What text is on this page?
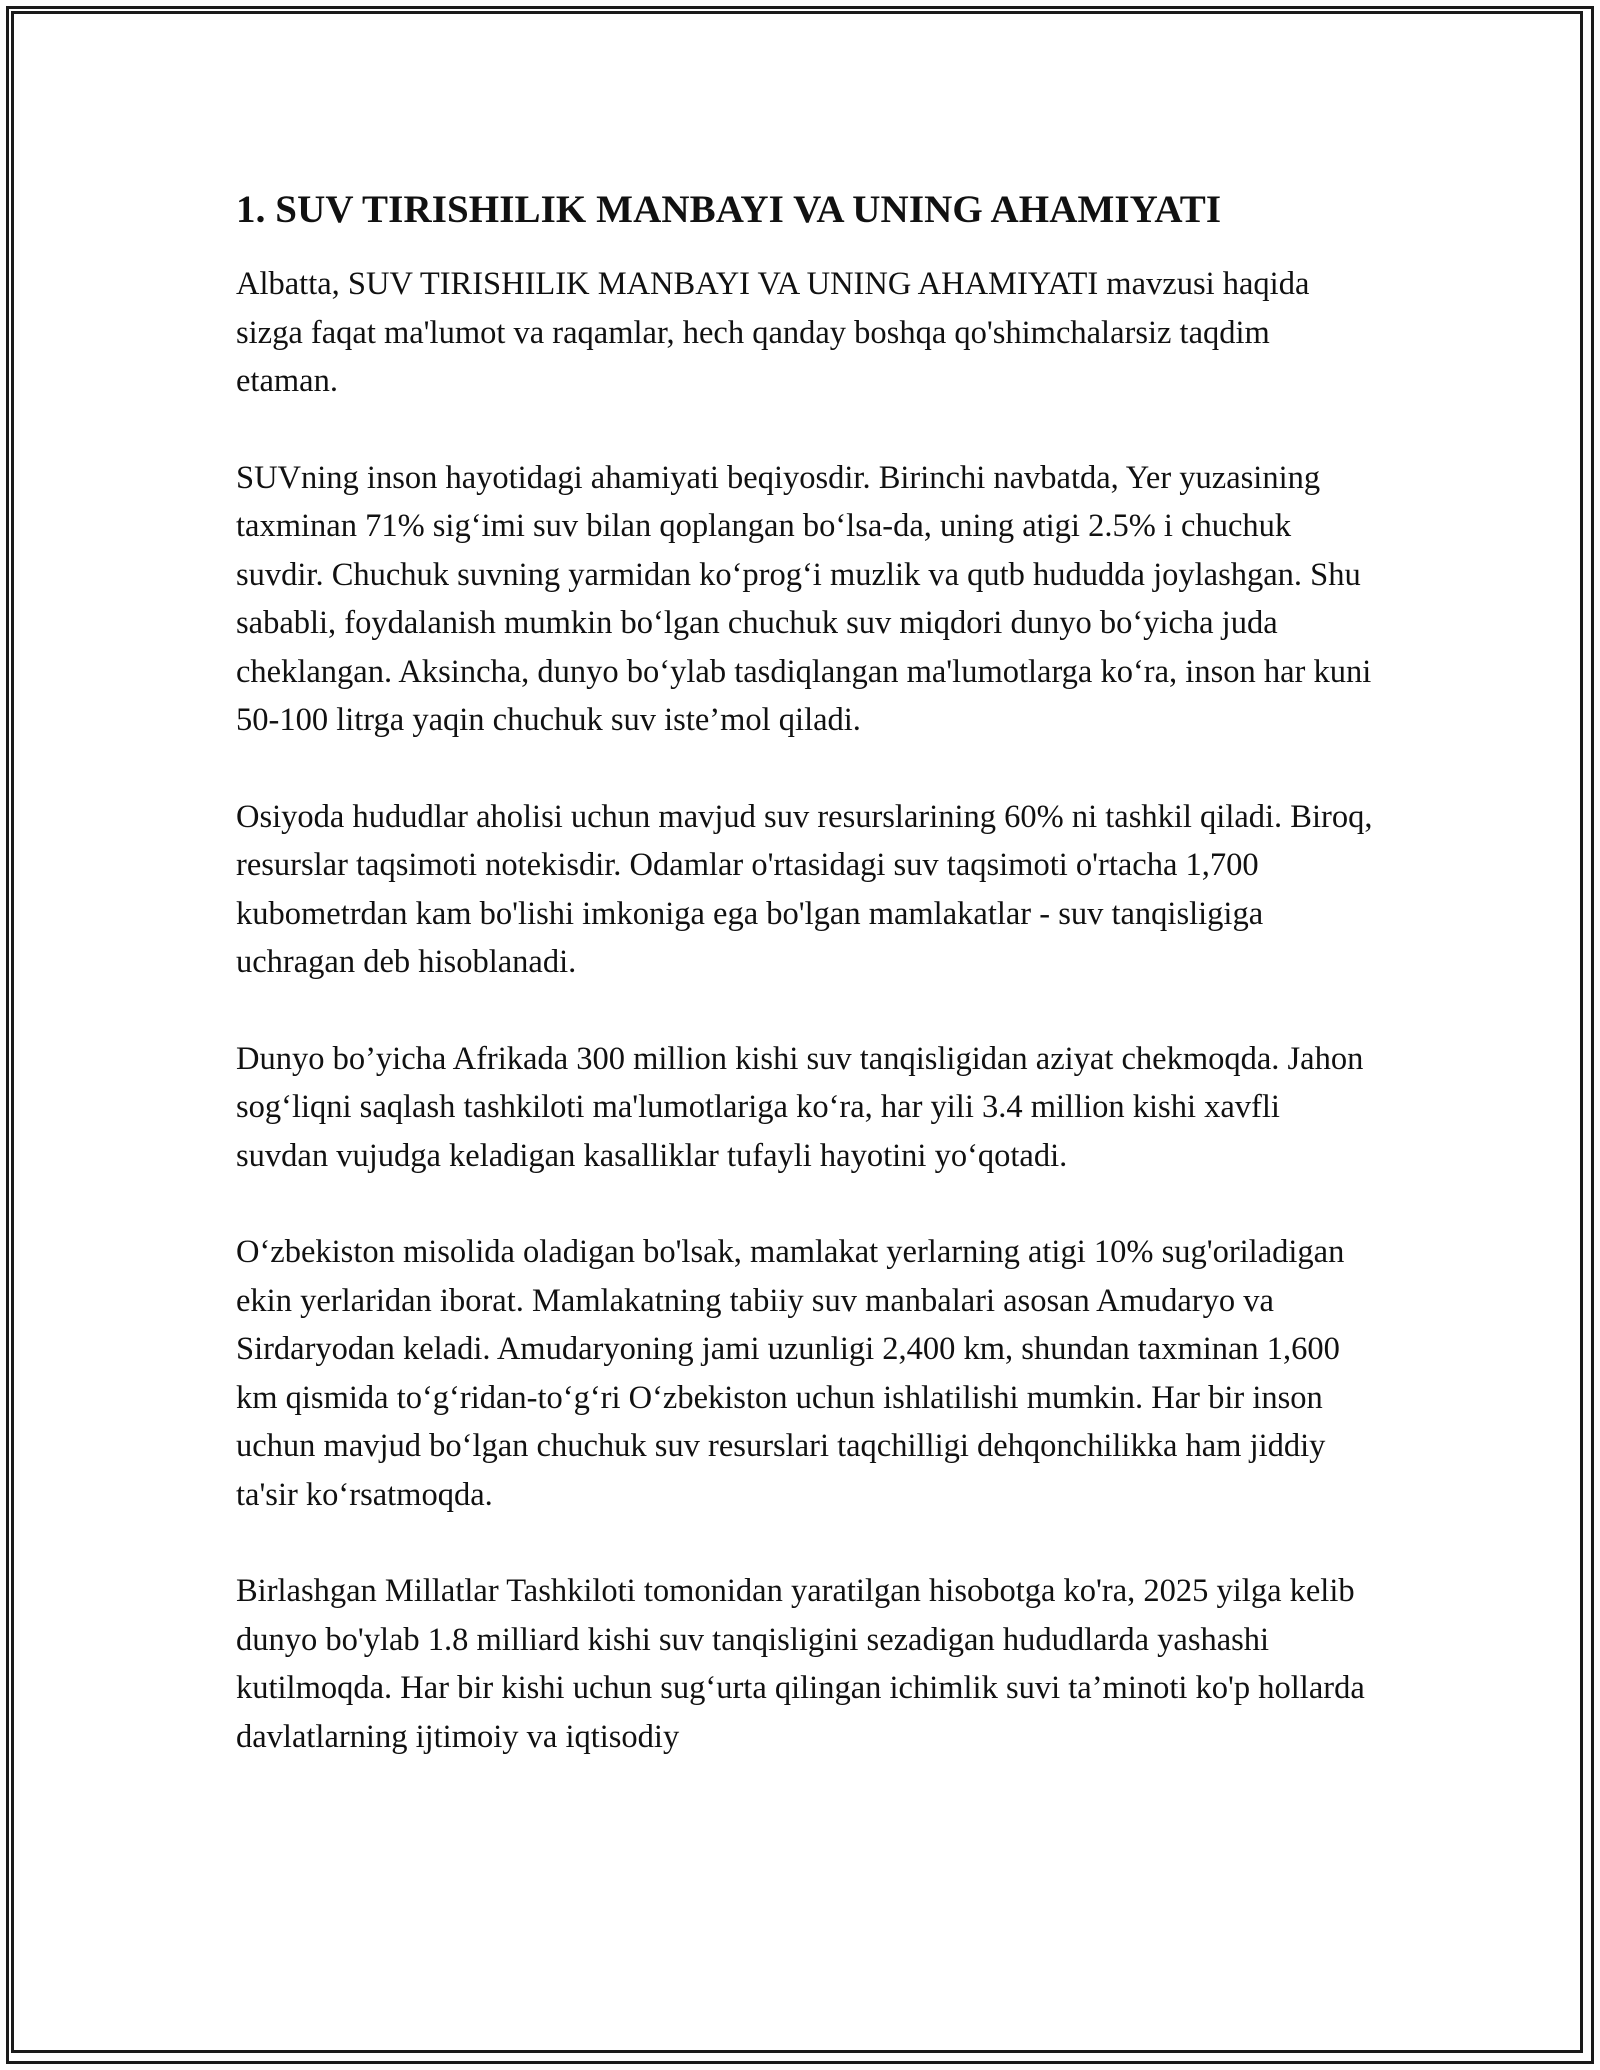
1. SUV TIRISHILIK MANBAYI VA UNING AHAMIYATI

Albatta, SUV TIRISHILIK MANBAYI VA UNING AHAMIYATI mavzusi haqida sizga faqat ma'lumot va raqamlar, hech qanday boshqa qo'shimchalarsiz taqdim etaman.

SUVning inson hayotidagi ahamiyati beqiyosdir. Birinchi navbatda, Yer yuzasining taxminan 71% sig‘imi suv bilan qoplangan bo‘lsa-da, uning atigi 2.5% i chuchuk suvdir. Chuchuk suvning yarmidan ko‘prog‘i muzlik va qutb hududda joylashgan. Shu sababli, foydalanish mumkin bo‘lgan chuchuk suv miqdori dunyo bo‘yicha juda cheklangan. Aksincha, dunyo bo‘ylab tasdiqlangan ma'lumotlarga ko‘ra, inson har kuni 50-100 litrga yaqin chuchuk suv iste’mol qiladi.

Osiyoda hududlar aholisi uchun mavjud suv resurslarining 60% ni tashkil qiladi. Biroq, resurslar taqsimoti notekisdir. Odamlar o'rtasidagi suv taqsimoti o'rtacha 1,700 kubometrdan kam bo'lishi imkoniga ega bo'lgan mamlakatlar - suv tanqisligiga uchragan deb hisoblanadi.

Dunyo bo’yicha Afrikada 300 million kishi suv tanqisligidan aziyat chekmoqda. Jahon sog‘liqni saqlash tashkiloti ma'lumotlariga ko‘ra, har yili 3.4 million kishi xavfli suvdan vujudga keladigan kasalliklar tufayli hayotini yo‘qotadi.

O‘zbekiston misolida oladigan bo'lsak, mamlakat yerlarning atigi 10% sug'oriladigan ekin yerlaridan iborat. Mamlakatning tabiiy suv manbalari asosan Amudaryo va Sirdaryodan keladi. Amudaryoning jami uzunligi 2,400 km, shundan taxminan 1,600 km qismida to‘g‘ridan-to‘g‘ri O‘zbekiston uchun ishlatilishi mumkin. Har bir inson uchun mavjud bo‘lgan chuchuk suv resurslari taqchilligi dehqonchilikka ham jiddiy ta'sir ko‘rsatmoqda.

Birlashgan Millatlar Tashkiloti tomonidan yaratilgan hisobotga ko'ra, 2025 yilga kelib dunyo bo'ylab 1.8 milliard kishi suv tanqisligini sezadigan hududlarda yashashi kutilmoqda. Har bir kishi uchun sug‘urta qilingan ichimlik suvi ta’minoti ko'p hollarda davlatlarning ijtimoiy va iqtisodiy
